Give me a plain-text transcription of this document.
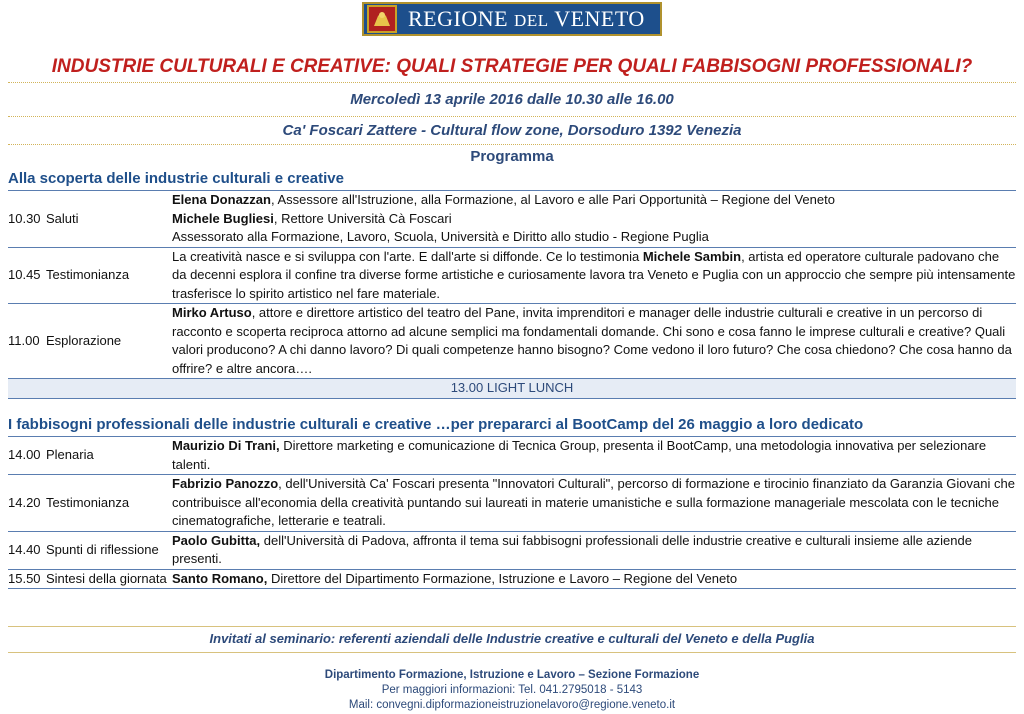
REGIONE DEL VENETO
INDUSTRIE CULTURALI E CREATIVE: QUALI STRATEGIE PER QUALI FABBISOGNI PROFESSIONALI?
Mercoledì 13 aprile 2016 dalle 10.30 alle 16.00
Ca' Foscari Zattere - Cultural flow zone, Dorsoduro 1392 Venezia
Programma
Alla scoperta delle industrie culturali e creative
10.30	Saluti	Elena Donazzan, Assessore all'Istruzione, alla Formazione, al Lavoro e alle Pari Opportunità – Regione del Veneto
Michele Bugliesi, Rettore Università Cà Foscari
Assessorato alla Formazione, Lavoro, Scuola, Università e Diritto allo studio - Regione Puglia

10.45	Testimonianza	La creatività nasce e si sviluppa con l'arte. E dall'arte si diffonde. Ce lo testimonia Michele Sambin, artista ed operatore culturale padovano che da decenni esplora il confine tra diverse forme artistiche e curiosamente lavora tra Veneto e Puglia con un approccio che sempre più intensamente trasferisce lo spirito artistico nel fare materiale.
11.00	Esplorazione	Mirko Artuso, attore e direttore artistico del teatro del Pane, invita imprenditori e manager delle industrie culturali e creative in un percorso di racconto e scoperta reciproca attorno ad alcune semplici ma fondamentali domande. Chi sono e cosa fanno le imprese culturali e creative? Quali valori producono? A chi danno lavoro? Di quali competenze hanno bisogno? Come vedono il loro futuro? Che cosa chiedono? Che cosa hanno da offrire? e altre ancora….
13.00 LIGHT LUNCH		
I fabbisogni professionali delle industrie culturali e creative …per prepararci al BootCamp del 26 maggio a loro dedicato
14.00	Plenaria	Maurizio Di Trani, Direttore marketing e comunicazione di Tecnica Group, presenta il BootCamp, una metodologia innovativa per selezionare talenti.
14.20	Testimonianza	Fabrizio Panozzo, dell'Università Ca' Foscari presenta "Innovatori Culturali", percorso di formazione e tirocinio finanziato da Garanzia Giovani che contribuisce all'economia della creatività puntando sui laureati in materie umanistiche e sulla formazione manageriale mescolata con le tecniche cinematografiche, letterarie e teatrali.
14.40	Spunti di riflessione	Paolo Gubitta, dell'Università di Padova, affronta il tema sui fabbisogni professionali delle industrie creative e culturali insieme alle aziende presenti.
15.50	Sintesi della giornata	Santo Romano, Direttore del Dipartimento Formazione, Istruzione e Lavoro – Regione del Veneto
Invitati al seminario: referenti aziendali delle Industrie creative e culturali del Veneto e della Puglia
Dipartimento Formazione, Istruzione e Lavoro – Sezione Formazione
Per maggiori informazioni: Tel. 041.2795018 - 5143
Mail: convegni.dipformazioneistruzionelavoro@regione.veneto.it
